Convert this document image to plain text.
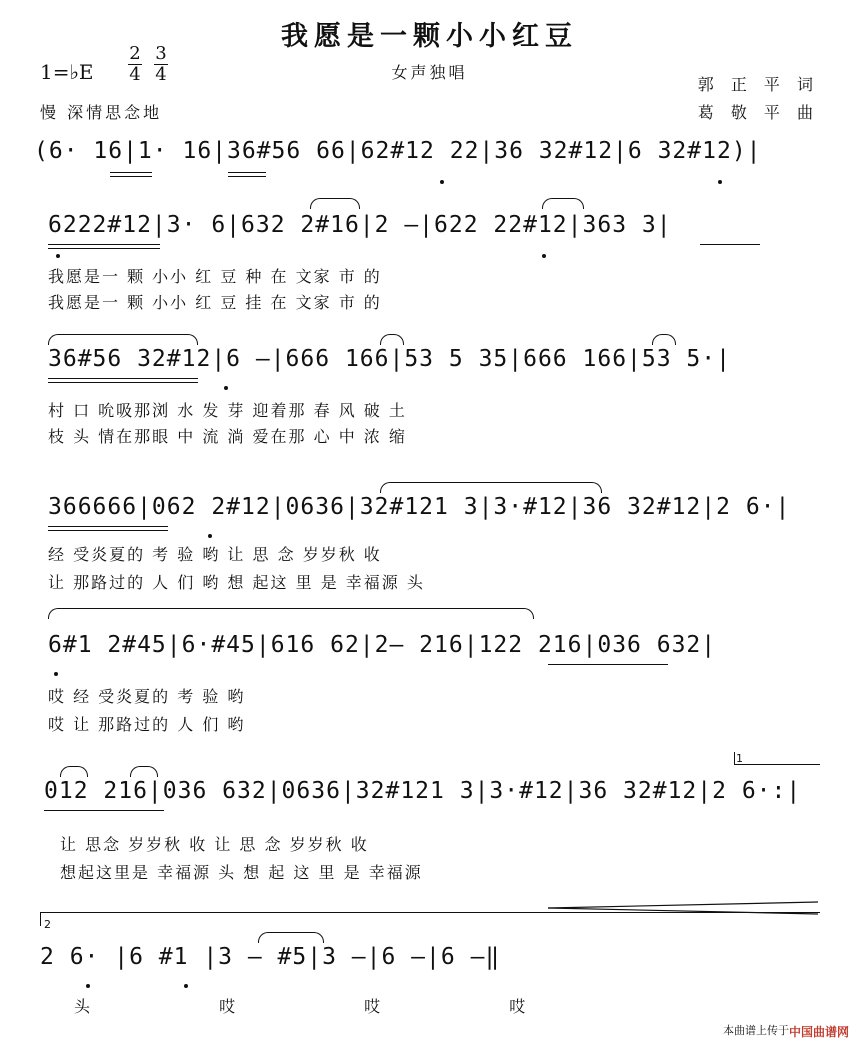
我愿是一颗小小红豆
女声独唱
1=♭E
2
4
3
4
慢 深情思念地
郭 正 平 词
葛 敬 平 曲
(6· 16|1· 16|36#56 66|62#12 22|36 32#12|6 32#12)|
6222#12|3· 6|632 2#16|2 —|622 22#12|363 3|
我愿是一 颗 小小 红 豆 种 在 文家 市 的
我愿是一 颗 小小 红 豆 挂 在 文家 市 的
36#56 32#12|6 —|666 166|53 5 35|666 166|53 5·|
村 口 吮吸那浏 水 发 芽 迎着那 春 风 破 土
枝 头 情在那眼 中 流 淌 爱在那 心 中 浓 缩
366666|062 2#12|0636|32#121 3|3·#12|36 32#12|2 6·|
经 受炎夏的 考 验 哟 让 思 念 岁岁秋 收
让 那路过的 人 们 哟 想 起这 里 是 幸福源 头
6#1 2#45|6·#45|616 62|2— 216|122 216|036 632|
哎 经 受炎夏的 考 验 哟
哎 让 那路过的 人 们 哟
1
012 216|036 632|0636|32#121 3|3·#12|36 32#12|2 6·:|
让 思念 岁岁秋 收 让 思 念 岁岁秋 收
想起这里是 幸福源 头 想 起 这 里 是 幸福源
2
2 6· |6 #1 |3 — #5|3 —|6 —|6 —‖
头 哎 哎 哎
本曲谱上传于 中国曲谱网
